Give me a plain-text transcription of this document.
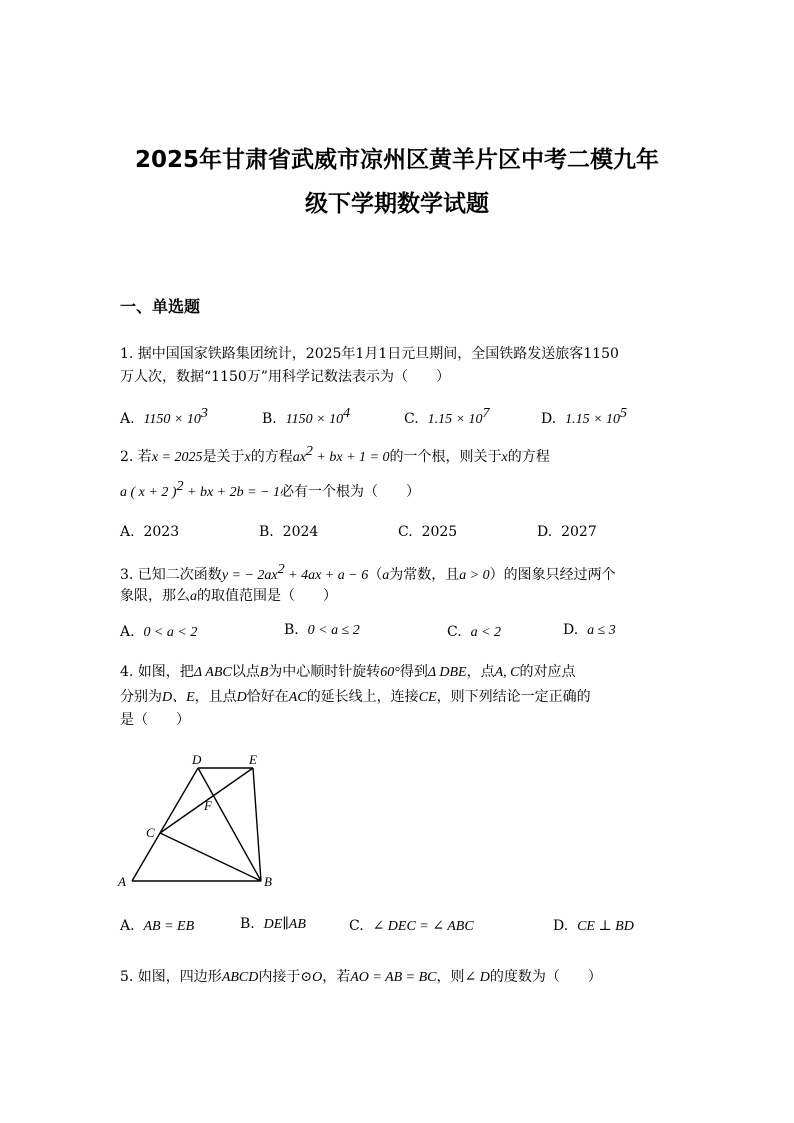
2025年甘肃省武威市凉州区黄羊片区中考二模九年
级下学期数学试题
一、单选题
1. 据中国国家铁路集团统计，2025年1月1日元旦期间，全国铁路发送旅客1150
万人次，数据“1150万”用科学记数法表示为（　　）
A. $1150 \times 10^3$	B. $1150 \times 10^4$	C. $1.15 \times 10^7$	D. $1.15 \times 10^5$
2. 若x = 2025是关于x的方程$ax^2$ + bx + 1 = 0的一个根，则关于x的方程
a ( x + 2 )$^2$ + bx + 2b = − 1必有一个根为（　　）
A. 2023	B. 2024	C. 2025	D. 2027
3. 已知二次函数y = − $2ax^2 + 4ax + a - 6(a$为常数，且a > 0）的图象只经过两个
象限，那么a的取值范围是（　　）
A. 0 < a < 2	B. 0 < a ≤ 2	C. a < 2	D. a ≤ 3
4. 如图，把Δ ABC以点B为中心顺时针旋转60°得到Δ DBE，点A, C的对应点
分别为D、E，且点D恰好在AC的延长线上，连接CE，则下列结论一定正确的
是（　　）
A	B
C
D	E
F
A. AB = EB	B. DE∥AB	C. ∠ DEC = ∠ ABC	D. CE ⊥ BD
5. 如图，四边形ABCD内接于⊙O，若AO = AB = BC，则∠ D的度数为（　　）
